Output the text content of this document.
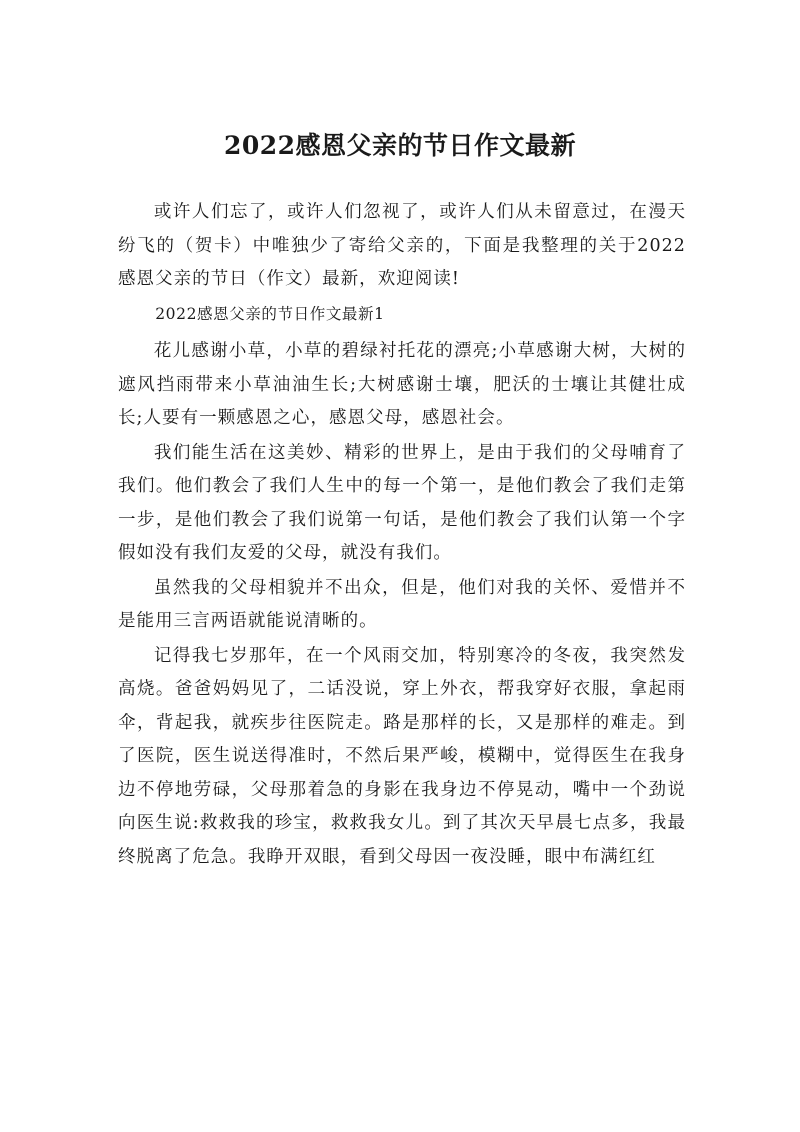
2022感恩父亲的节日作文最新

或许人们忘了，或许人们忽视了，或许人们从未留意过，在漫天纷飞的（贺卡）中唯独少了寄给父亲的，下面是我整理的关于2022感恩父亲的节日（作文）最新，欢迎阅读!

2022感恩父亲的节日作文最新1

花儿感谢小草，小草的碧绿衬托花的漂亮;小草感谢大树，大树的遮风挡雨带来小草油油生长;大树感谢士壤，肥沃的士壤让其健壮成长;人要有一颗感恩之心，感恩父母，感恩社会。

我们能生活在这美妙、精彩的世界上，是由于我们的父母哺育了我们。他们教会了我们人生中的每一个第一，是他们教会了我们走第一步，是他们教会了我们说第一句话，是他们教会了我们认第一个字假如没有我们友爱的父母，就没有我们。

虽然我的父母相貌并不出众，但是，他们对我的关怀、爱惜并不是能用三言两语就能说清晰的。

记得我七岁那年，在一个风雨交加，特别寒冷的冬夜，我突然发高烧。爸爸妈妈见了，二话没说，穿上外衣，帮我穿好衣服，拿起雨伞，背起我，就疾步往医院走。路是那样的长，又是那样的难走。到了医院，医生说送得准时，不然后果严峻，模糊中，觉得医生在我身边不停地劳碌，父母那着急的身影在我身边不停晃动，嘴中一个劲说向医生说:救救我的珍宝，救救我女儿。到了其次天早晨七点多，我最终脱离了危急。我睁开双眼，看到父母因一夜没睡，眼中布满红红
